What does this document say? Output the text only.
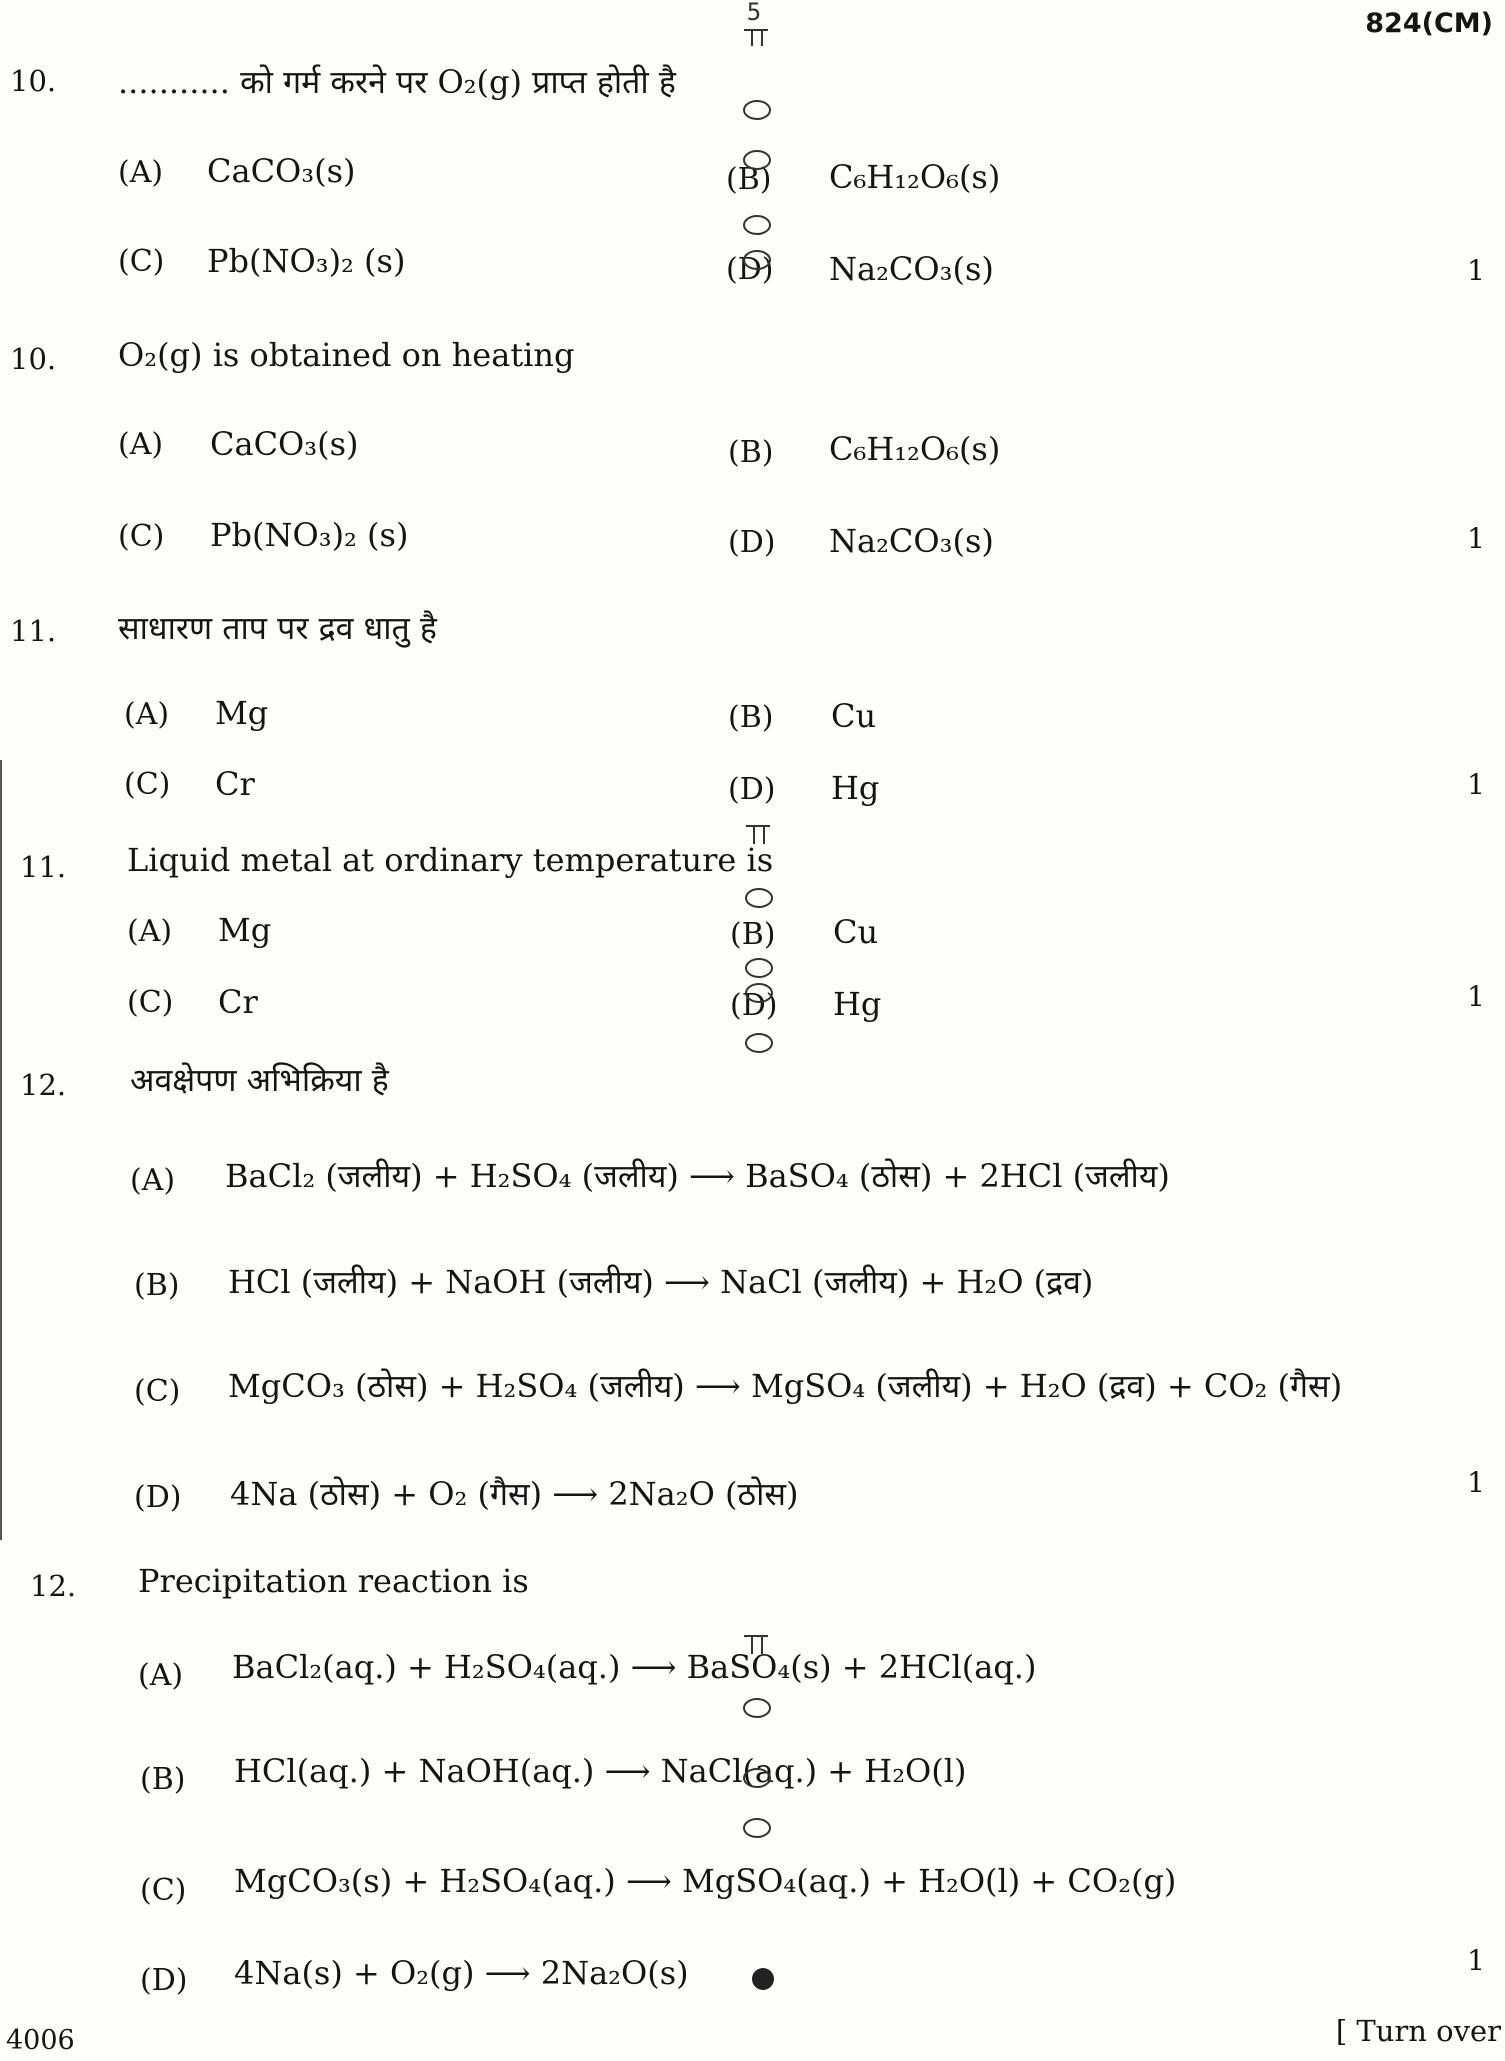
5	824(CM)
10. ........... को गर्म करने पर O₂(g) प्राप्त होती है
(A) CaCO₃(s)	(B) C₆H₁₂O₆(s)
(C) Pb(NO₃)₂ (s)	(D) Na₂CO₃(s)	1
10. O₂(g) is obtained on heating
(A) CaCO₃(s)	(B) C₆H₁₂O₆(s)
(C) Pb(NO₃)₂ (s)	(D) Na₂CO₃(s)	1
11. साधारण ताप पर द्रव धातु है
(A) Mg	(B) Cu
(C) Cr	(D) Hg	1
11. Liquid metal at ordinary temperature is
(A) Mg	(B) Cu
(C) Cr	(D) Hg	1
12. अवक्षेपण अभिक्रिया है
(A) BaCl₂ (जलीय) + H₂SO₄ (जलीय) ⟶ BaSO₄ (ठोस) + 2HCl (जलीय)
(B) HCl (जलीय) + NaOH (जलीय) ⟶ NaCl (जलीय) + H₂O (द्रव)
(C) MgCO₃ (ठोस) + H₂SO₄ (जलीय) ⟶ MgSO₄ (जलीय) + H₂O (द्रव) + CO₂ (गैस)
(D) 4Na (ठोस) + O₂ (गैस) ⟶ 2Na₂O (ठोस)	1
12. Precipitation reaction is
(A) BaCl₂(aq.) + H₂SO₄(aq.) ⟶ BaSO₄(s) + 2HCl(aq.)
(B) HCl(aq.) + NaOH(aq.) ⟶ NaCl(aq.) + H₂O(l)
(C) MgCO₃(s) + H₂SO₄(aq.) ⟶ MgSO₄(aq.) + H₂O(l) + CO₂(g)
(D) 4Na(s) + O₂(g) ⟶ 2Na₂O(s)	1
4006	[ Turn over
